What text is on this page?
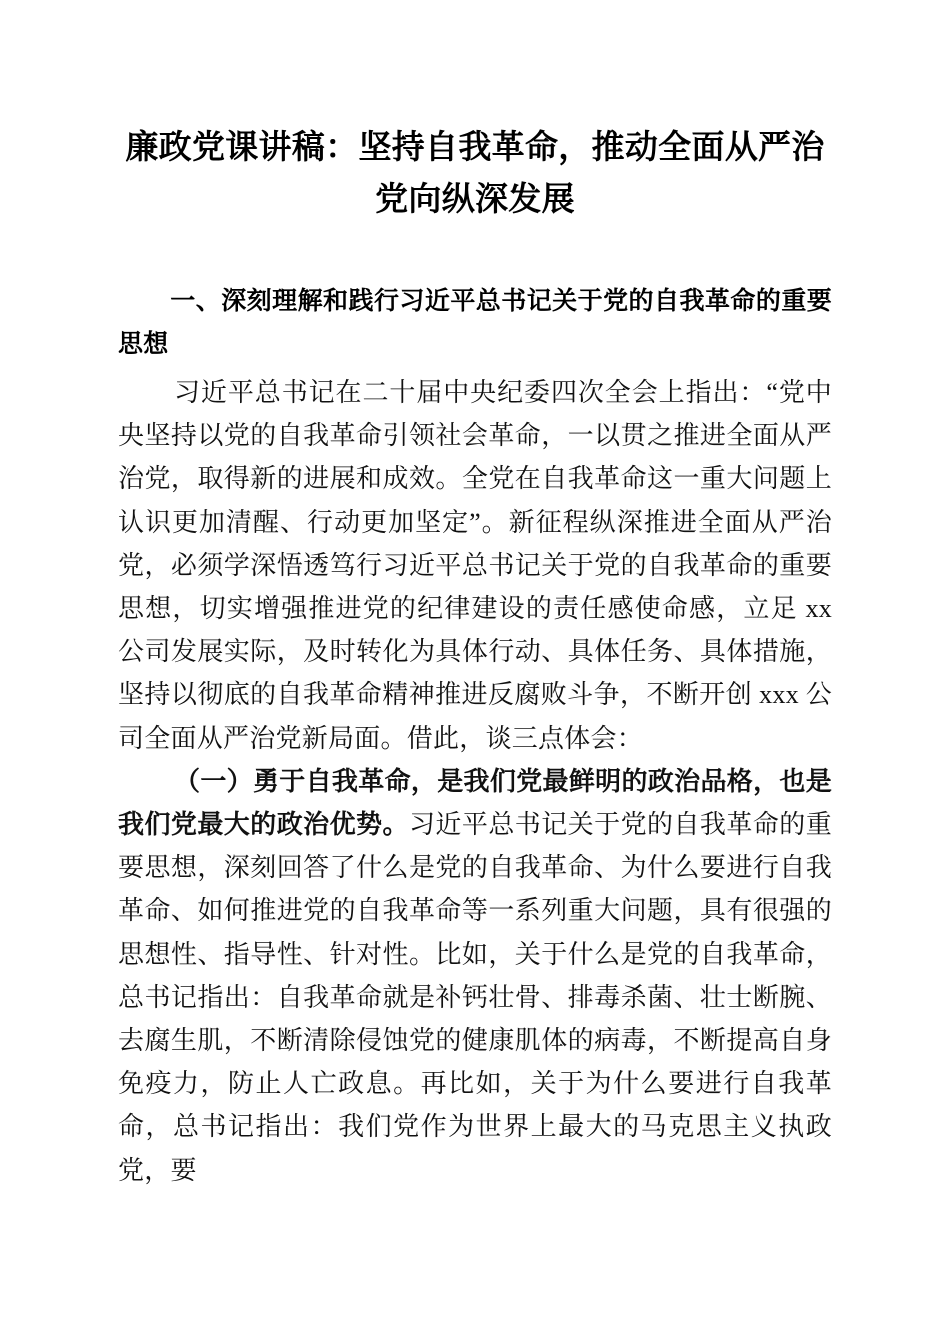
廉政党课讲稿：坚持自我革命，推动全面从严治党向纵深发展
一、深刻理解和践行习近平总书记关于党的自我革命的重要思想

习近平总书记在二十届中央纪委四次全会上指出：“党中央坚持以党的自我革命引领社会革命，一以贯之推进全面从严治党，取得新的进展和成效。全党在自我革命这一重大问题上认识更加清醒、行动更加坚定”。新征程纵深推进全面从严治党，必须学深悟透笃行习近平总书记关于党的自我革命的重要思想，切实增强推进党的纪律建设的责任感使命感，立足 xx 公司发展实际，及时转化为具体行动、具体任务、具体措施，坚持以彻底的自我革命精神推进反腐败斗争，不断开创 xxx 公司全面从严治党新局面。借此，谈三点体会：

（一）勇于自我革命，是我们党最鲜明的政治品格，也是我们党最大的政治优势。习近平总书记关于党的自我革命的重要思想，深刻回答了什么是党的自我革命、为什么要进行自我革命、如何推进党的自我革命等一系列重大问题，具有很强的思想性、指导性、针对性。比如，关于什么是党的自我革命，总书记指出：自我革命就是补钙壮骨、排毒杀菌、壮士断腕、去腐生肌，不断清除侵蚀党的健康肌体的病毒，不断提高自身免疫力，防止人亡政息。再比如，关于为什么要进行自我革命，总书记指出：我们党作为世界上最大的马克思主义执政党，要
